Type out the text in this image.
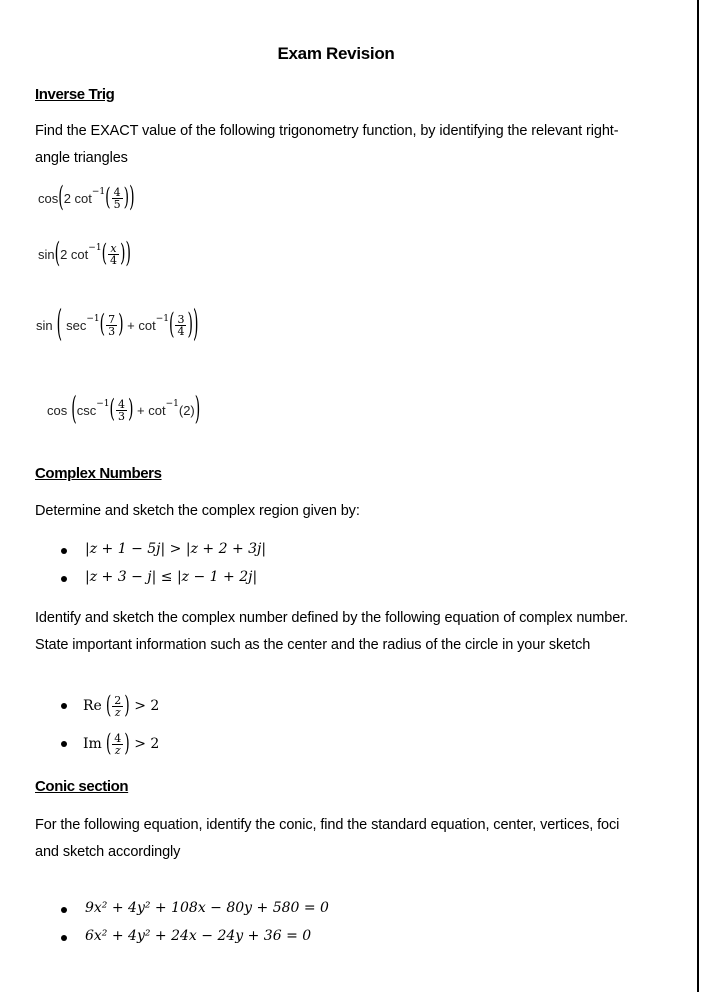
Exam Revision
Inverse Trig
Find the EXACT value of the following trigonometry function, by identifying the relevant right-angle triangles
cos ( 2 cot −1 ( $\frac{4}{5}$ ) )
sin ( 2 cot −1 ( $\frac{x}{4}$ ) )
sin ( sec −1 ( $\frac{7}{3}$ ) + cot −1 ( $\frac{3}{4}$ ) )
cos ( csc −1 ( $\frac{4}{3}$ ) + cot −1 (2) )
Complex Numbers
Determine and sketch the complex region given by:
|z + 1 − 5j| > |z + 2 + 3j|
|z + 3 − j| ≤ |z − 1 + 2j|
Identify and sketch the complex number defined by the following equation of complex number. State important information such as the center and the radius of the circle in your sketch
Re ( $\frac{2}{z}$ ) > 2
Im ( $\frac{4}{z}$ ) > 2
Conic section
For the following equation, identify the conic, find the standard equation, center, vertices, foci and sketch accordingly
9x² + 4y² + 108x − 80y + 580 = 0
6x² + 4y² + 24x − 24y + 36 = 0
